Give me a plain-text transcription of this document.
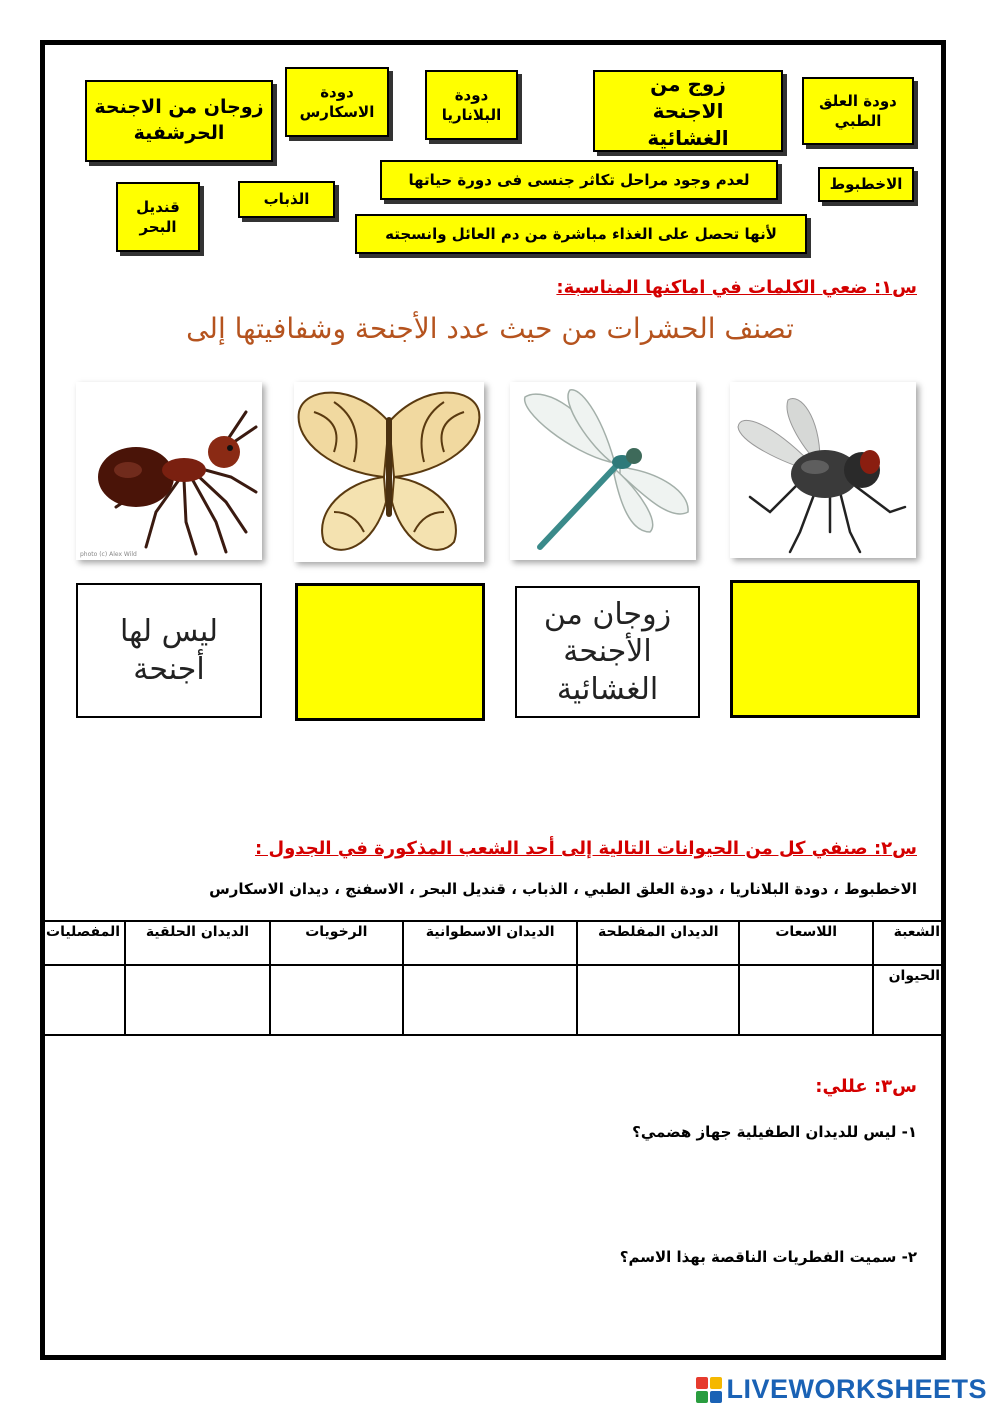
زوجان من الاجنحة الحرشفية
دودة الاسكارس
دودة البلاناريا
زوج من الاجنحة الغشائية
دودة العلق الطبي
لعدم وجود مراحل تكاثر جنسى فى دورة حياتها	الاخطبوط
قنديل البحر
الذباب
لأنها تحصل على الغذاء مباشرة من دم العائل وانسجته
س١: ضعي الكلمات في اماكنها المناسبة:
تصنف الحشرات من حيث عدد الأجنحة وشفافيتها إلى
photo (c) Alex Wild
ليس لها أجنحة
زوجان من الأجنحة الغشائية
س٢: صنفي كل من الحيوانات التالية إلى أحد الشعب المذكورة في الجدول :
الاخطبوط ، دودة البلاناريا ، دودة العلق الطبي ، الذباب ، قنديل البحر ، الاسفنج ، ديدان الاسكارس
الشعبة	اللاسعات	الديدان المفلطحة	الديدان الاسطوانية	الرخويات	الديدان الحلقية	المفصليات
الحيوان						
س٣: عللي:
١- ليس للديدان الطفيلية جهاز هضمي؟
٢- سميت الفطريات الناقصة بهذا الاسم؟
LIVEWORKSHEETS
